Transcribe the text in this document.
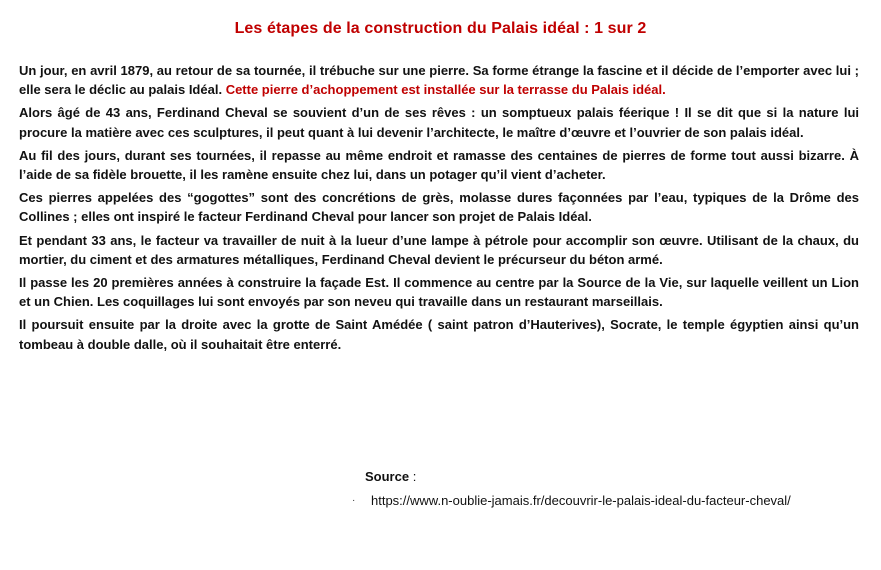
Les étapes de la construction du Palais idéal : 1 sur 2

Un jour, en avril 1879, au retour de sa tournée, il trébuche sur une pierre. Sa forme étrange la fascine et il décide de l’emporter avec lui ; elle sera le déclic au palais Idéal. Cette pierre d’achoppement est installée sur la terrasse du Palais idéal.

Alors âgé de 43 ans, Ferdinand Cheval se souvient d’un de ses rêves : un somptueux palais féerique ! Il se dit que si la nature lui procure la matière avec ces sculptures, il peut quant à lui devenir l’architecte, le maître d’œuvre et l’ouvrier de son palais idéal.

Au fil des jours, durant ses tournées, il repasse au même endroit et ramasse des centaines de pierres de forme tout aussi bizarre. À l’aide de sa fidèle brouette, il les ramène ensuite chez lui, dans un potager qu’il vient d’acheter.

Ces pierres appelées des “gogottes” sont des concrétions de grès, molasse dures façonnées par l’eau, typiques de la Drôme des Collines ; elles ont inspiré le facteur Ferdinand Cheval pour lancer son projet de Palais Idéal.

Et pendant 33 ans, le facteur va travailler de nuit à la lueur d’une lampe à pétrole pour accomplir son œuvre. Utilisant de la chaux, du mortier, du ciment et des armatures métalliques, Ferdinand Cheval devient le précurseur du béton armé.

Il passe les 20 premières années à construire la façade Est. Il commence au centre par la Source de la Vie, sur laquelle veillent un Lion et un Chien. Les coquillages lui sont envoyés par son neveu qui travaille dans un restaurant marseillais.

Il poursuit ensuite par la droite avec la grotte de Saint Amédée ( saint patron d’Hauterives), Socrate, le temple égyptien ainsi qu’un tombeau à double dalle, où il souhaitait être enterré.

Source :
·	https://www.n-oublie-jamais.fr/decouvrir-le-palais-ideal-du-facteur-cheval/
